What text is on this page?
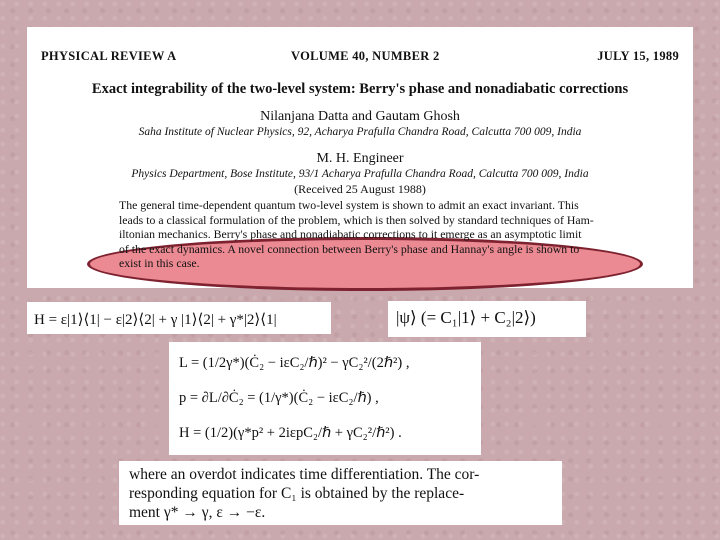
PHYSICAL REVIEW A	VOLUME 40, NUMBER 2	JULY 15, 1989
Exact integrability of the two-level system: Berry's phase and nonadiabatic corrections
Nilanjana Datta and Gautam Ghosh
Saha Institute of Nuclear Physics, 92, Acharya Prafulla Chandra Road, Calcutta 700 009, India
M. H. Engineer
Physics Department, Bose Institute, 93/1 Acharya Prafulla Chandra Road, Calcutta 700 009, India
(Received 25 August 1988)
The general time-dependent quantum two-level system is shown to admit an exact invariant. This
leads to a classical formulation of the problem, which is then solved by standard techniques of Ham-
iltonian mechanics. Berry's phase and nonadiabatic corrections to it emerge as an asymptotic limit
of the exact dynamics. A novel connection between Berry's phase and Hannay's angle is shown to
exist in this case.
H = ε|1⟩⟨1| − ε|2⟩⟨2| + γ |1⟩⟨2| + γ*|2⟩⟨1|	|ψ⟩ (= C₁|1⟩ + C₂|2⟩)
L = (1/2γ*)(Ċ₂ − iεC₂/ℏ)² − γC₂²/(2ℏ²) ,
p = ∂L/∂Ċ₂ = (1/γ*)(Ċ₂ − iεC₂/ℏ) ,
H = (1/2)(γ*p² + 2iεpC₂/ℏ + γC₂²/ℏ²) .
where an overdot indicates time differentiation. The cor-
responding equation for C₁ is obtained by the replace-
ment γ* → γ, ε → −ε.
